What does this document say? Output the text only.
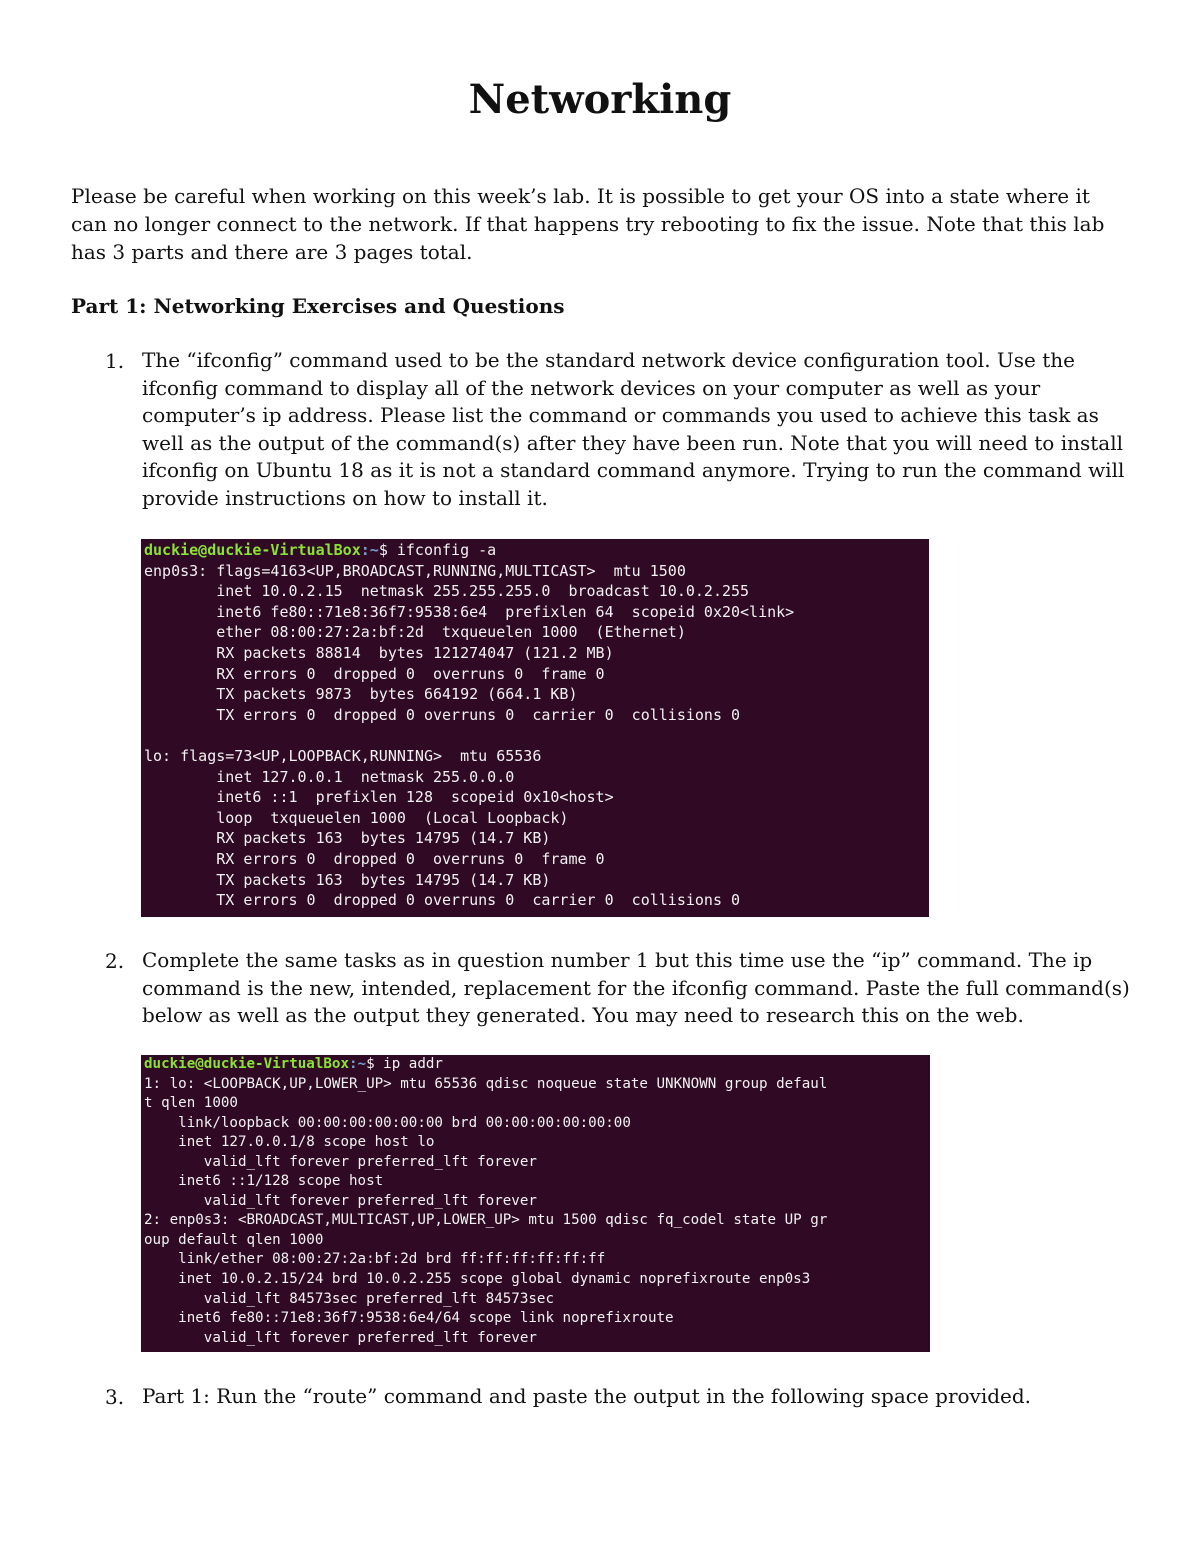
Networking

Please be careful when working on this week’s lab. It is possible to get your OS into a state where it can no longer connect to the network. If that happens try rebooting to fix the issue. Note that this lab has 3 parts and there are 3 pages total.

Part 1: Networking Exercises and Questions

1. The “ifconfig” command used to be the standard network device configuration tool. Use the ifconfig command to display all of the network devices on your computer as well as your computer’s ip address. Please list the command or commands you used to achieve this task as well as the output of the command(s) after they have been run. Note that you will need to install ifconfig on Ubuntu 18 as it is not a standard command anymore. Trying to run the command will provide instructions on how to install it.

duckie@duckie-VirtualBox:~$ ifconfig -a
enp0s3: flags=4163<UP,BROADCAST,RUNNING,MULTICAST>  mtu 1500
inet 10.0.2.15  netmask 255.255.255.0  broadcast 10.0.2.255
inet6 fe80::71e8:36f7:9538:6e4  prefixlen 64  scopeid 0x20<link>
ether 08:00:27:2a:bf:2d  txqueuelen 1000  (Ethernet)
RX packets 88814  bytes 121274047 (121.2 MB)
RX errors 0  dropped 0  overruns 0  frame 0
TX packets 9873  bytes 664192 (664.1 KB)
TX errors 0  dropped 0 overruns 0  carrier 0  collisions 0
lo: flags=73<UP,LOOPBACK,RUNNING>  mtu 65536
inet 127.0.0.1  netmask 255.0.0.0
inet6 ::1  prefixlen 128  scopeid 0x10<host>
loop  txqueuelen 1000  (Local Loopback)
RX packets 163  bytes 14795 (14.7 KB)
RX errors 0  dropped 0  overruns 0  frame 0
TX packets 163  bytes 14795 (14.7 KB)
TX errors 0  dropped 0 overruns 0  carrier 0  collisions 0
2. Complete the same tasks as in question number 1 but this time use the “ip” command. The ip command is the new, intended, replacement for the ifconfig command. Paste the full command(s) below as well as the output they generated. You may need to research this on the web.

duckie@duckie-VirtualBox:~$ ip addr
1: lo: <LOOPBACK,UP,LOWER_UP> mtu 65536 qdisc noqueue state UNKNOWN group defaul
t qlen 1000
link/loopback 00:00:00:00:00:00 brd 00:00:00:00:00:00
inet 127.0.0.1/8 scope host lo
valid_lft forever preferred_lft forever
inet6 ::1/128 scope host
valid_lft forever preferred_lft forever
2: enp0s3: <BROADCAST,MULTICAST,UP,LOWER_UP> mtu 1500 qdisc fq_codel state UP gr
oup default qlen 1000
link/ether 08:00:27:2a:bf:2d brd ff:ff:ff:ff:ff:ff
inet 10.0.2.15/24 brd 10.0.2.255 scope global dynamic noprefixroute enp0s3
valid_lft 84573sec preferred_lft 84573sec
inet6 fe80::71e8:36f7:9538:6e4/64 scope link noprefixroute
valid_lft forever preferred_lft forever
3. Part 1: Run the “route” command and paste the output in the following space provided.
